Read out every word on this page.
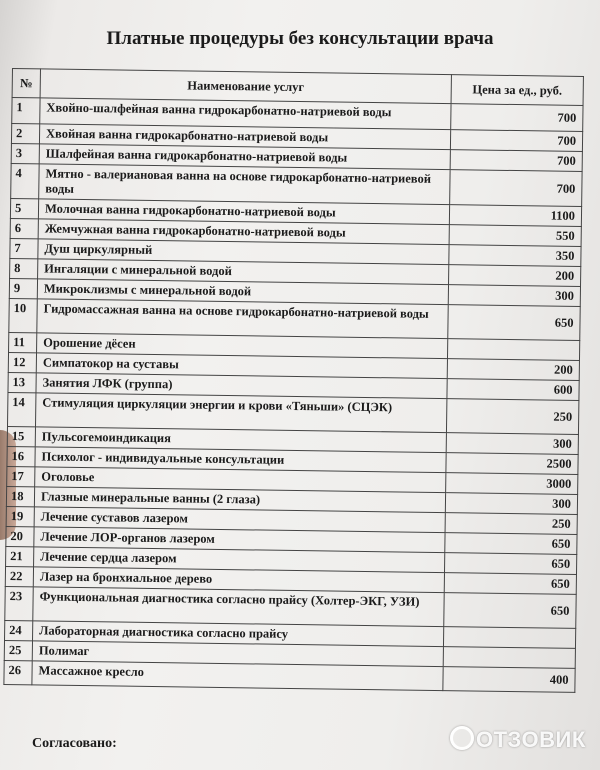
Платные процедуры без консультации врача
№	Наименование услуг	Цена за ед., руб.
1	Хвойно-шалфейная ванна гидрокарбонатно-натриевой воды	700
2	Хвойная ванна гидрокарбонатно-натриевой воды	700
3	Шалфейная ванна гидрокарбонатно-натриевой воды	700
4	Мятно - валериановая ванна на основе гидрокарбонатно-натриевой воды	700
5	Молочная ванна гидрокарбонатно-натриевой воды	1100
6	Жемчужная ванна гидрокарбонатно-натриевой воды	550
7	Душ циркулярный	350
8	Ингаляции с минеральной водой	200
9	Микроклизмы с минеральной водой	300
10	Гидромассажная ванна на основе гидрокарбонатно-натриевой воды	650
11	Орошение дёсен	
12	Симпатокор на суставы	200
13	Занятия ЛФК (группа)	600
14	Стимуляция циркуляции энергии и крови «Тяньши» (СЦЭК)	250
15	Пульсогемоиндикация	300
16	Психолог - индивидуальные консультации	2500
17	Оголовье	3000
18	Глазные минеральные ванны (2 глаза)	300
19	Лечение суставов лазером	250
20	Лечение ЛОР-органов лазером	650
21	Лечение сердца лазером	650
22	Лазер на бронхиальное дерево	650
23	Функциональная диагностика согласно прайсу (Холтер-ЭКГ, УЗИ)	650
24	Лабораторная диагностика согласно прайсу	
25	Полимаг	
26	Массажное кресло	400
Согласовано:	ОТЗОВИК
